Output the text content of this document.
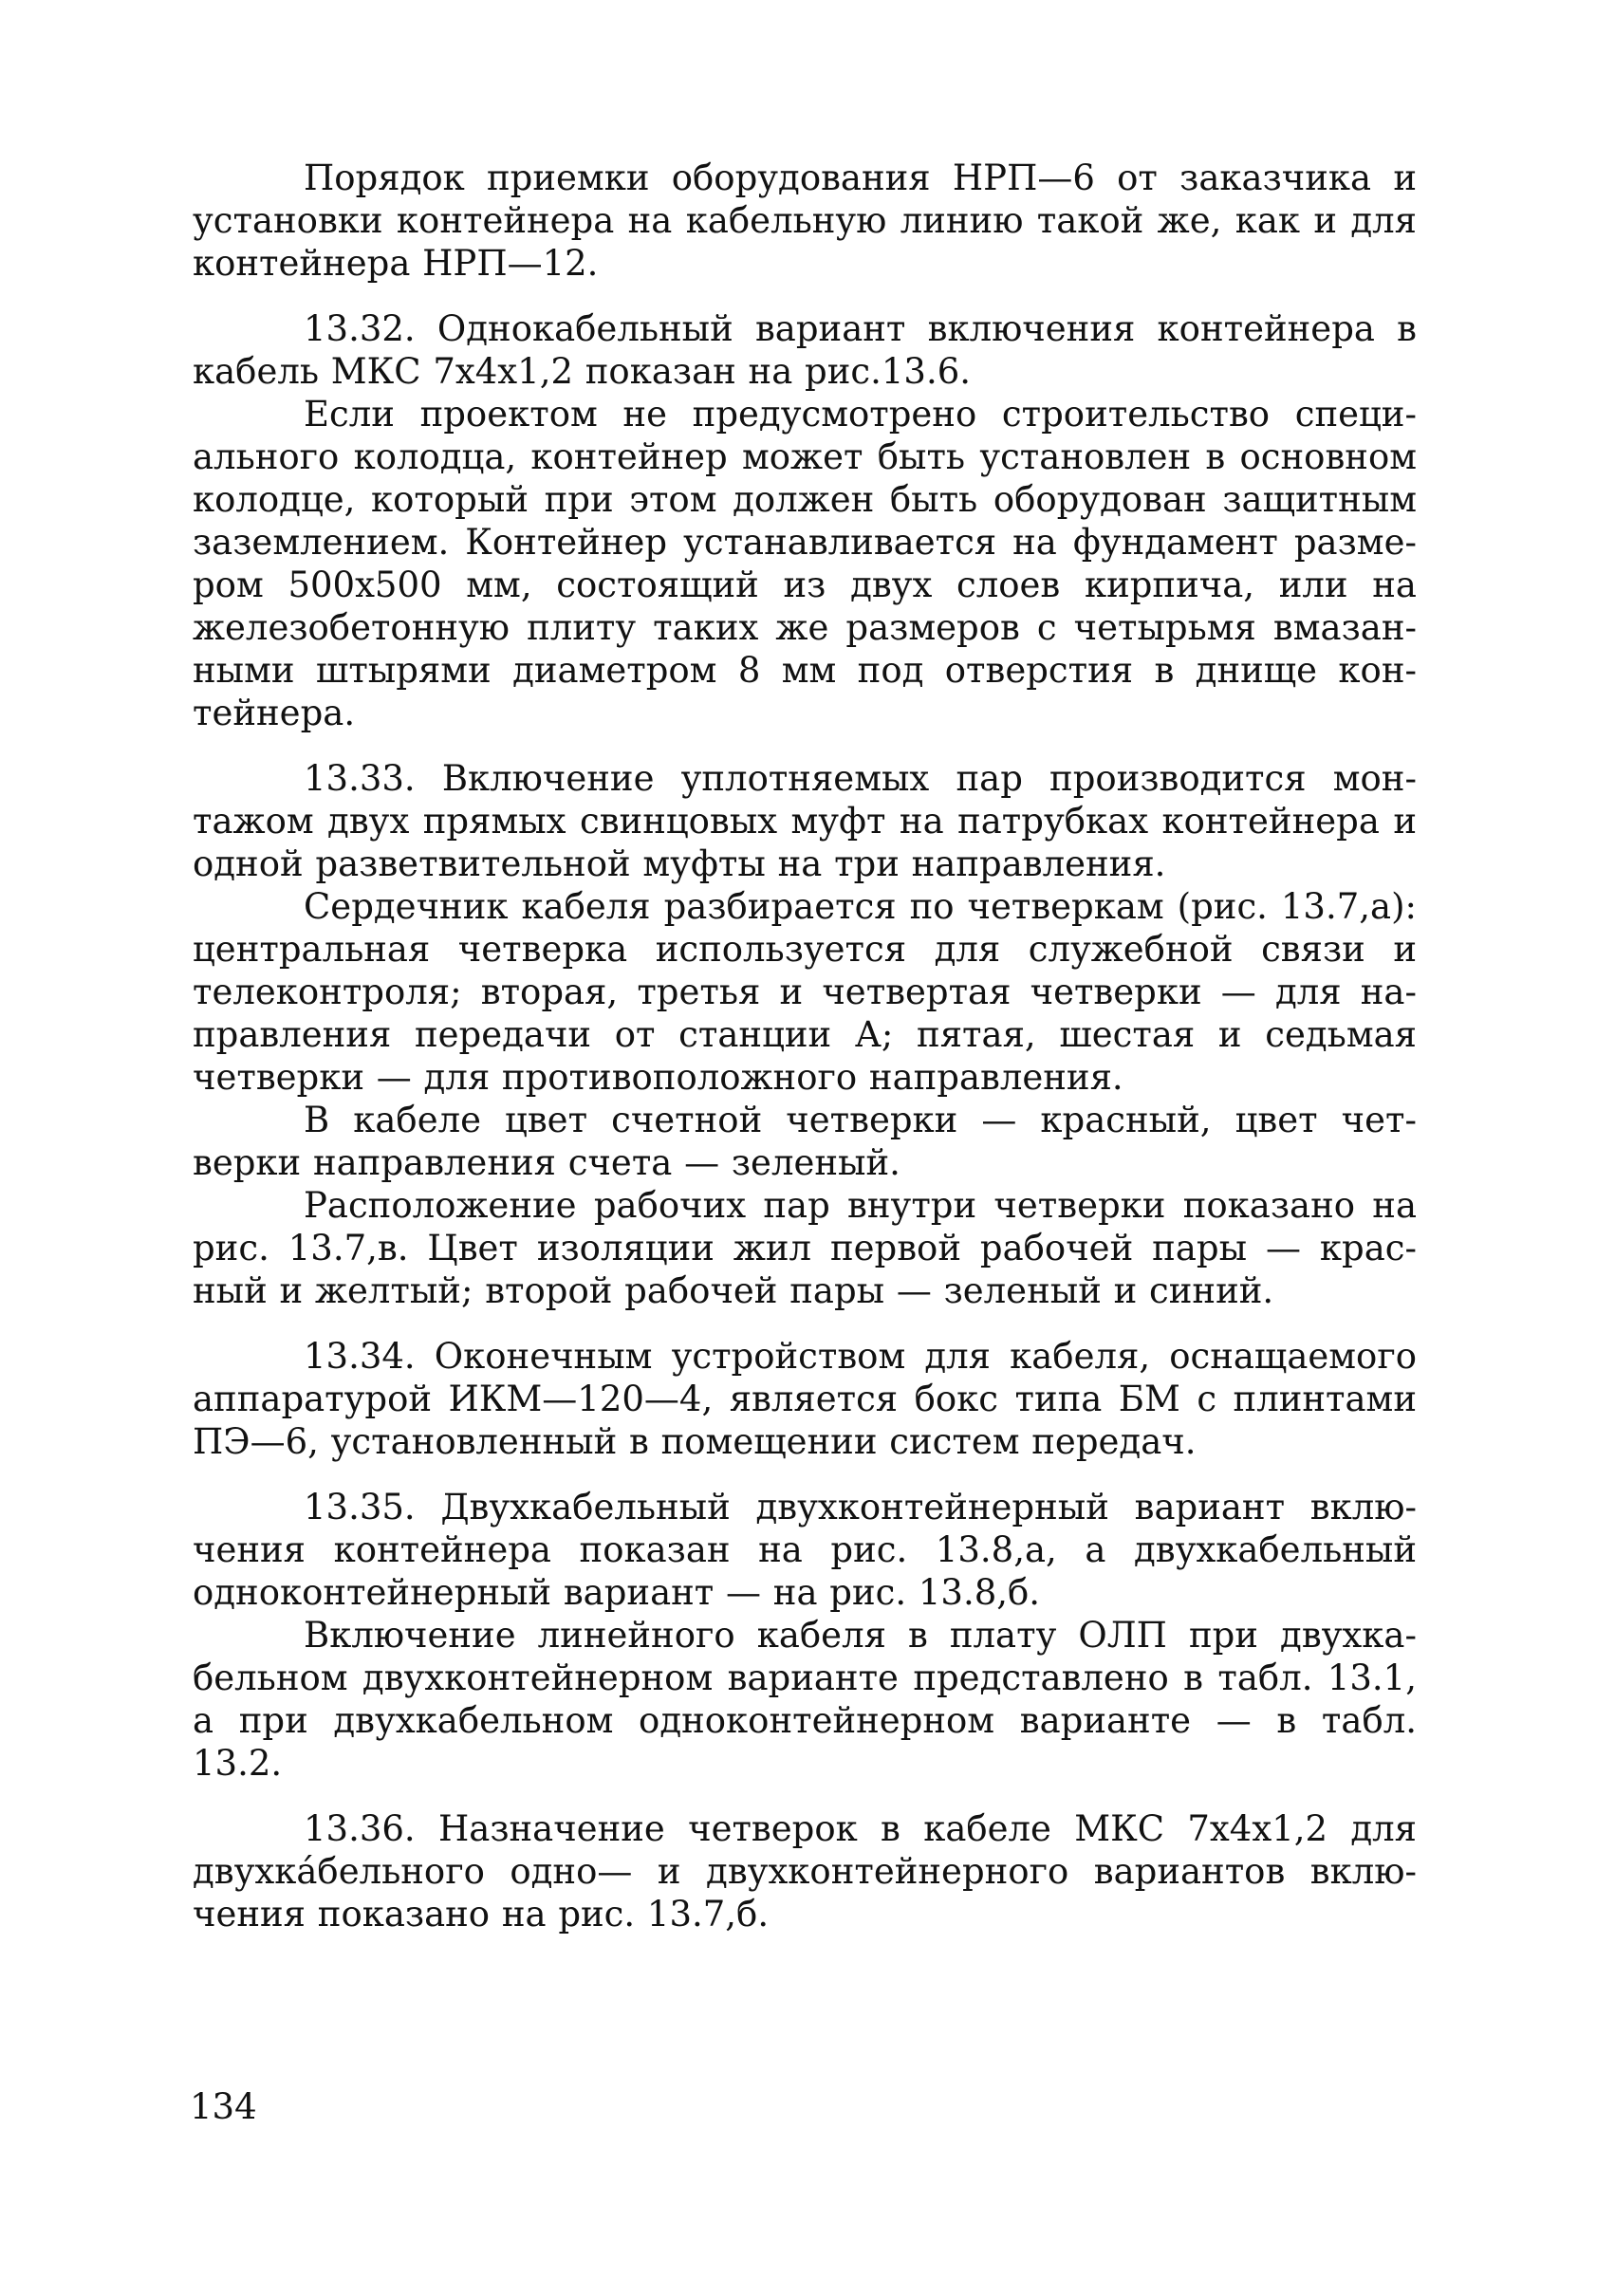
Порядок приемки оборудования НРП—6 от заказчика и установки контейнера на кабельную линию такой же, как и для контейнера НРП—12.

13.32. Однокабельный вариант включения контейнера в кабель МКС 7х4х1,2 показан на рис.13.6.

Если проектом не предусмотрено строительство специального колодца, контейнер может быть установлен в основном колодце, который при этом должен быть оборудован защитным заземлением. Контейнер устанавливается на фундамент размером 500х500 мм, состоящий из двух слоев кирпича, или на железобетонную плиту таких же размеров с четырьмя вмазанными штырями диаметром 8 мм под отверстия в днище контейнера.

13.33. Включение уплотняемых пар производится монтажом двух прямых свинцовых муфт на патрубках контейнера и одной разветвительной муфты на три направления.

Сердечник кабеля разбирается по четверкам (рис. 13.7,а): центральная четверка используется для служебной связи и телеконтроля; вторая, третья и четвертая четверки — для направления передачи от станции А; пятая, шестая и седьмая четверки — для противоположного направления.

В кабеле цвет счетной четверки — красный, цвет четверки направления счета — зеленый.

Расположение рабочих пар внутри четверки показано на рис. 13.7,в. Цвет изоляции жил первой рабочей пары — красный и желтый; второй рабочей пары — зеленый и синий.

13.34. Оконечным устройством для кабеля, оснащаемого аппаратурой ИКМ—120—4, является бокс типа БМ с плинтами ПЭ—6, установленный в помещении систем передач.

13.35. Двухкабельный двухконтейнерный вариант включения контейнера показан на рис. 13.8,а, а двухкабельный одноконтейнерный вариант — на рис. 13.8,б.

Включение линейного кабеля в плату ОЛП при двухкабельном двухконтейнерном варианте представлено в табл. 13.1, а при двухкабельном одноконтейнерном варианте — в табл. 13.2.

13.36. Назначение четверок в кабеле МКС 7х4х1,2 для двухкáбельного одно— и двухконтейнерного вариантов включения показано на рис. 13.7,б.

134
